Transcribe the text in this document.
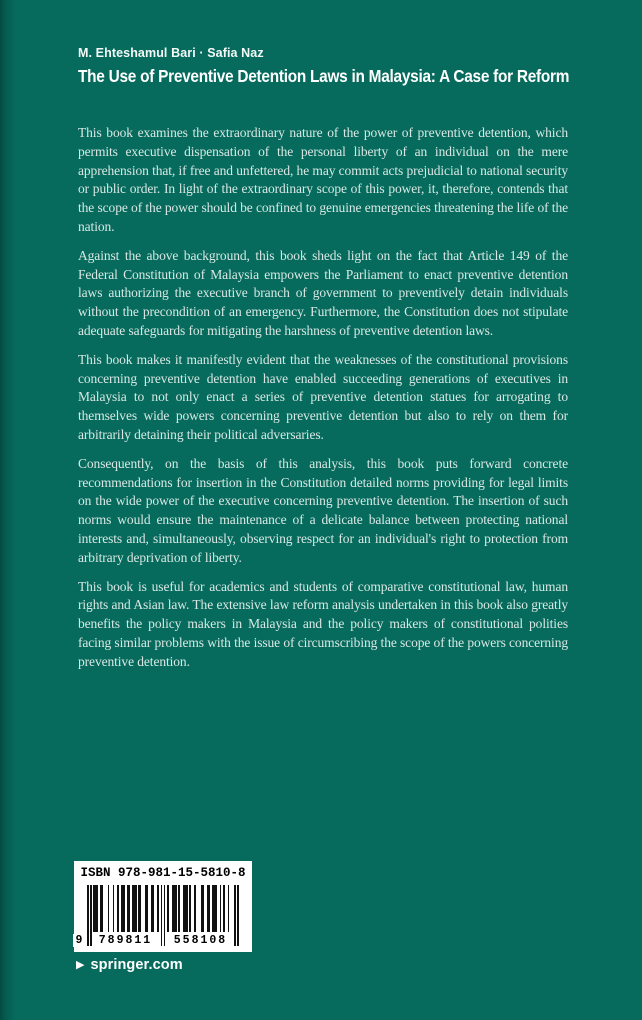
M. Ehteshamul Bari · Safia Naz
The Use of Preventive Detention Laws in Malaysia: A Case for Reform

This book examines the extraordinary nature of the power of preventive detention, which permits executive dispensation of the personal liberty of an individual on the mere apprehension that, if free and unfettered, he may commit acts prejudicial to national security or public order. In light of the extraordinary scope of this power, it, therefore, contends that the scope of the power should be confined to genuine emergencies threatening the life of the nation.

Against the above background, this book sheds light on the fact that Article 149 of the Federal Constitution of Malaysia empowers the Parliament to enact preventive detention laws authorizing the executive branch of government to preventively detain individuals without the precondition of an emergency. Furthermore, the Constitution does not stipulate adequate safeguards for mitigating the harshness of preventive detention laws.

This book makes it manifestly evident that the weaknesses of the constitutional provisions concerning preventive detention have enabled succeeding generations of executives in Malaysia to not only enact a series of preventive detention statues for arrogating to themselves wide powers concerning preventive detention but also to rely on them for arbitrarily detaining their political adversaries.

Consequently, on the basis of this analysis, this book puts forward concrete recommendations for insertion in the Constitution detailed norms providing for legal limits on the wide power of the executive concerning preventive detention. The insertion of such norms would ensure the maintenance of a delicate balance between protecting national interests and, simultaneously, observing respect for an individual's right to protection from arbitrary deprivation of liberty.

This book is useful for academics and students of comparative constitutional law, human rights and Asian law. The extensive law reform analysis undertaken in this book also greatly benefits the policy makers in Malaysia and the policy makers of constitutional polities facing similar problems with the issue of circumscribing the scope of the powers concerning preventive detention.

ISBN 978-981-15-5810-8
9	789811	558108
▶ springer.com
